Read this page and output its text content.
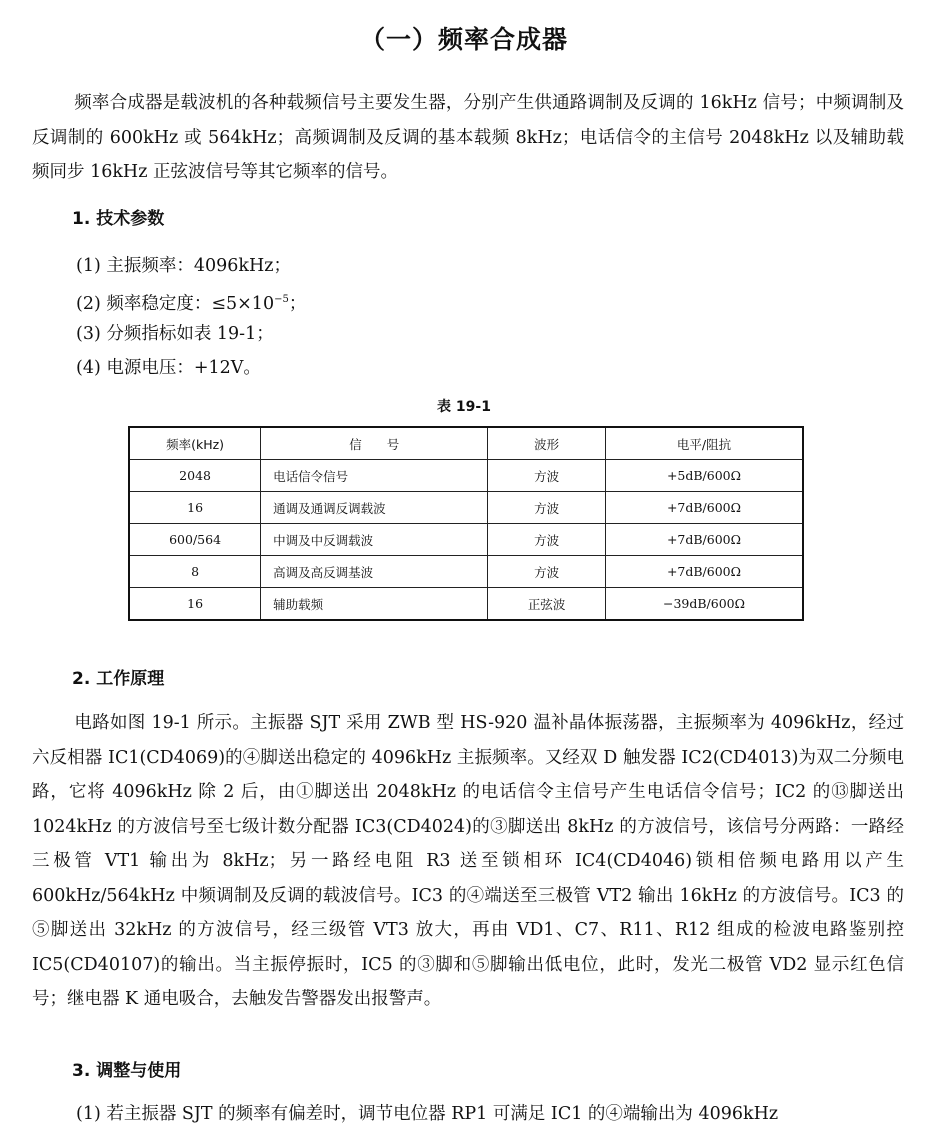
（一）频率合成器

频率合成器是载波机的各种载频信号主要发生器，分别产生供通路调制及反调的 16kHz 信号；中频调制及反调制的 600kHz 或 564kHz；高频调制及反调的基本载频 8kHz；电话信令的主信号 2048kHz 以及辅助载频同步 16kHz 正弦波信号等其它频率的信号。

1. 技术参数
(1) 主振频率：4096kHz；
(2) 频率稳定度：$\le 5\times 10^{-5}$；
(3) 分频指标如表 19-1；
(4) 电源电压：+12V。
表 19-1
频率(kHz)	信　　号	波形	电平/阻抗
2048	电话信令信号	方波	+5dB/600Ω
16	通调及通调反调载波	方波	+7dB/600Ω
600/564	中调及中反调载波	方波	+7dB/600Ω
8	高调及高反调基波	方波	+7dB/600Ω
16	辅助载频	正弦波	−39dB/600Ω
2. 工作原理

电路如图 19-1 所示。主振器 SJT 采用 ZWB 型 HS-920 温补晶体振荡器，主振频率为 4096kHz，经过六反相器 IC1(CD4069)的④脚送出稳定的 4096kHz 主振频率。又经双 D 触发器 IC2(CD4013)为双二分频电路，它将 4096kHz 除 2 后，由①脚送出 2048kHz 的电话信令主信号产生电话信令信号；IC2 的⑬脚送出 1024kHz 的方波信号至七级计数分配器 IC3(CD4024)的③脚送出 8kHz 的方波信号，该信号分两路：一路经三极管 VT1 输出为 8kHz；另一路经电阻 R3 送至锁相环 IC4(CD4046)锁相倍频电路用以产生 600kHz/564kHz 中频调制及反调的载波信号。IC3 的④端送至三极管 VT2 输出 16kHz 的方波信号。IC3 的⑤脚送出 32kHz 的方波信号，经三级管 VT3 放大，再由 VD1、C7、R11、R12 组成的检波电路鉴别控 IC5(CD40107)的输出。当主振停振时，IC5 的③脚和⑤脚输出低电位，此时，发光二极管 VD2 显示红色信号；继电器 K 通电吸合，去触发告警器发出报警声。

3. 调整与使用

(1) 若主振器 SJT 的频率有偏差时，调节电位器 RP1 可满足 IC1 的④端输出为 4096kHz
